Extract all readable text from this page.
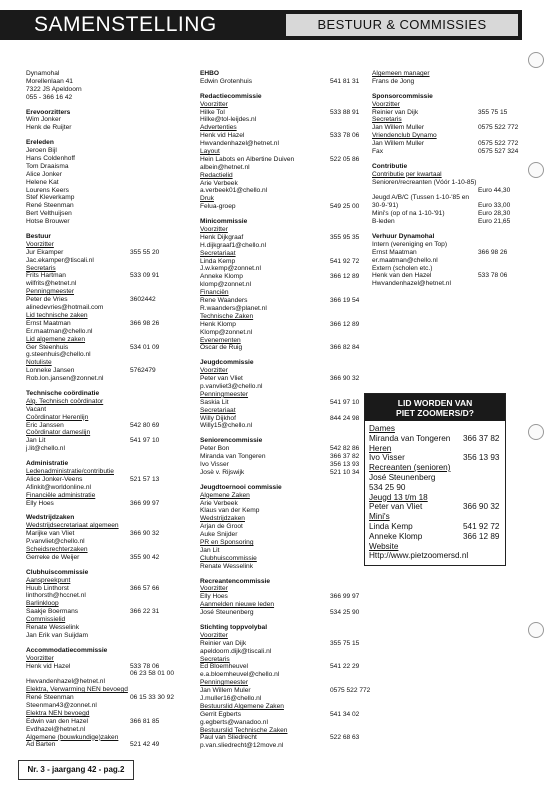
SAMENSTELLING	BESTUUR & COMMISSIES
Dynamohal
Morellenlaan 41
7322 JS Apeldoorn
055 - 366 16 42
Erevoorzitters
Wim Jonker
Henk de Ruijter
Ereleden
Jeroen Bijl
Hans Coldenhoff
Tom Draaisma
Alice Jonker
Helene Kat
Lourens Keers
Stef Kleverkamp
René Steenman
Bert Velthuijsen
Hotse Brouwer
Bestuur
Voorzitter
Jur Ekamper	355 55 20
Jac.ekamper@tiscali.nl
Secretaris
Frits Hartman	533 09 91
wilfrits@hetnet.nl
Penningmeester
Peter de Vries	3602442
alinedevries@hotmail.com
Lid technische zaken
Ernst Maatman	366 98 26
Er.maatman@chello.nl
Lid algemene zaken
Ger Steenhuis	534 01 09
g.steenhuis@chello.nl
Notuliste
Lonneke Jansen	5762479
Rob.lon.jansen@zonnet.nl
Technische coördinatie
Alg. Technisch coördinator
Vacant
Coördinator Herenlijn
Eric Janssen	542 80 69
Coördinator dameslijn
Jan Lit	541 97 10
j.lit@chello.nl
Administratie
Ledenadministratie/contributie
Alice Jonker-Veens	521 57 13
Afinkit@worldonline.nl
Financiële administratie
Elly Hoes	366 99 97
Wedstrijdzaken
Wedstrijdsecretariaat algemeen
Marijke van Vliet	366 90 32
P.vanvliet@chello.nl
Scheidsrechterzaken
Gerreke de Weijer	355 90 42
Clubhuiscommissie
Aanspreekpunt
Huub Linthorst	366 57 66
linthorsth@hccnet.nl
Barlinkloop
Saakje Boermans	366 22 31
Commissielid
Renate Wesselink
Jan Erik van Suijdam
Accommodatiecommissie
Voorzitter
Henk vid Hazel	533 78 06
06 23 58 01 00
Hwvandenhazel@hetnet.nl
Elektra, Verwarming NEN bevoegd
René Steenman	06 15 33 30 92
Steenman43@zonnet.nl
Elektra NEN bevoegd
Edwin van den Hazel	366 81 85
Evdhazel@hetnet.nl
Algemene (bouwkundige)zaken
Ad Barten	521 42 49
EHBO
Edwin Grotenhuis	541 81 31
Redactiecommissie
Voorzitter
Hilke Tol	533 88 91
Hilke@tol-leijdes.nl
Advertenties
Henk vid Hazel	533 78 06
Hwvandenhazel@hetnet.nl
Layout
Hein Labots en Albertine Duiven	522 05 86
albein@hetnet.nl
Redactielid
Arie Verbeek
a.verbeek01@chello.nl
Druk
Felua-groep	549 25 00
Minicommissie
Voorzitter
Henk Dijkgraaf	355 95 35
H.dijkgraaf1@chello.nl
Secretariaat
Linda Kemp	541 92 72
J.w.kemp@zonnet.nl
Anneke Klomp	366 12 89
klomp@zonnet.nl
Financiën
Rene Waanders	366 19 54
R.waanders@planet.nl
Technische Zaken
Henk Klomp	366 12 89
Klomp@zonnet.nl
Evenementen
Oscar de Ruig	366 82 84
Jeugdcommissie
Voorzitter
Peter van Vliet	366 90 32
p.vanvliet3@chello.nl
Penningmeester
Saskia Lit	541 97 10
Secretariaat
Willy Dijkhof	844 24 98
Willy15@chello.nl
Seniorencommissie
Peter Bon	542 82 86
Miranda van Tongeren	366 37 82
Ivo Visser	356 13 93
Josè v. Rijswijk	521 10 34
Jeugdtoernooi commissie
Algemene Zaken
Arie Verbeek
Klaus van der Kemp
Wedstrijdzaken
Arjan de Groot
Auke Snijder
PR en Sponsoring
Jan Lit
Clubhuiscommissie
Renate Wesselink
Recreantencommissie
Voorzitter
Elly Hoes	366 99 97
Aanmelden nieuwe leden
José Steunenberg	534 25 90
Stichting toppvolybal
Voorzitter
Reinier van Dijk	355 75 15
apeldoorn.dijk@tiscali.nl
Secretaris
Ed Bloemheuvel	541 22 29
e.a.bloemheuvel@chello.nl
Penningmeester
Jan Willem Muler	0575 522 772
J.muller16@chello.nl
Bestuurslid Algemene Zaken
Gerrit Egberts	541 34 02
g.egberts@wanadoo.nl
Bestuurslid Technische Zaken
Paul van Sliedrecht	522 68 63
p.van.sliedrecht@12move.nl
Algemeen manager
Frans de Jong
Sponsorcommissie
Voorzitter
Reinier van Dijk	355 75 15
Secretaris
Jan Willem Muller	0575 522 772
Vriendenclub Dynamo
Jan Willem Muller	0575 522 772
Fax	0575 527 324
Contributie
Contributie per kwartaal
Senioren/recreanten (Vóór 1-10-85)
Euro 44,30
Jeugd A/B/C (Tussen 1-10-'85 en
30-9-'91)	Euro 33,00
Mini's (op of na 1-10-'91)	Euro 28,30
B-leden	Euro 21,65
Verhuur Dynamohal
Intern (vereniging en Top)
Ernst Maatman	366 98 26
er.maatman@chello.nl
Extern (scholen etc.)
Henk van den Hazel	533 78 06
Hwvandenhazel@hetnet.nl
LID WORDEN VAN
PIET ZOOMERS/D?
Dames
Miranda van Tongeren 366 37 82
Heren
Ivo Visser	356 13 93
Recreanten (senioren)
José Steunenberg
534 25 90
Jeugd 13 t/m 18
Peter van Vliet	366 90 32
Mini's
Linda Kemp	541 92 72
Anneke Klomp	366 12 89
Website
Http://www.pietzoomersd.nl
Nr. 3 - jaargang 42 - pag.2
